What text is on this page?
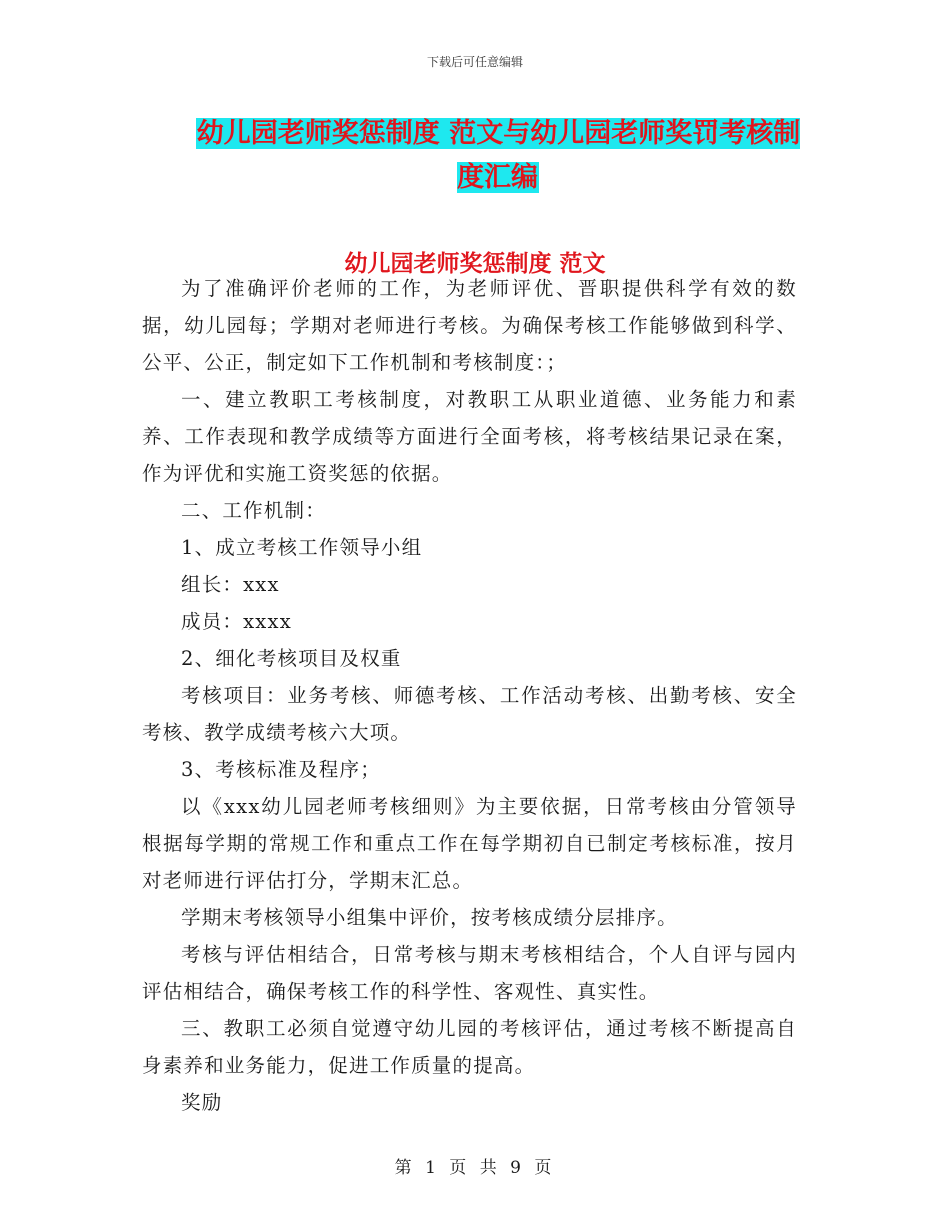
下载后可任意编辑
幼儿园老师奖惩制度 范文与幼儿园老师奖罚考核制度汇编
幼儿园老师奖惩制度 范文

为了准确评价老师的工作，为老师评优、晋职提供科学有效的数据，幼儿园每；学期对老师进行考核。为确保考核工作能够做到科学、公平、公正，制定如下工作机制和考核制度：；

一、建立教职工考核制度，对教职工从职业道德、业务能力和素养、工作表现和教学成绩等方面进行全面考核，将考核结果记录在案，作为评优和实施工资奖惩的依据。

二、工作机制：

1、成立考核工作领导小组

组长：xxx

成员：xxxx

2、细化考核项目及权重

考核项目：业务考核、师德考核、工作活动考核、出勤考核、安全考核、教学成绩考核六大项。

3、考核标准及程序；

以《xxx幼儿园老师考核细则》为主要依据，日常考核由分管领导根据每学期的常规工作和重点工作在每学期初自已制定考核标准，按月对老师进行评估打分，学期末汇总。

学期末考核领导小组集中评价，按考核成绩分层排序。

考核与评估相结合，日常考核与期末考核相结合，个人自评与园内评估相结合，确保考核工作的科学性、客观性、真实性。

三、教职工必须自觉遵守幼儿园的考核评估，通过考核不断提高自身素养和业务能力，促进工作质量的提高。

奖励

第 1 页 共 9 页
